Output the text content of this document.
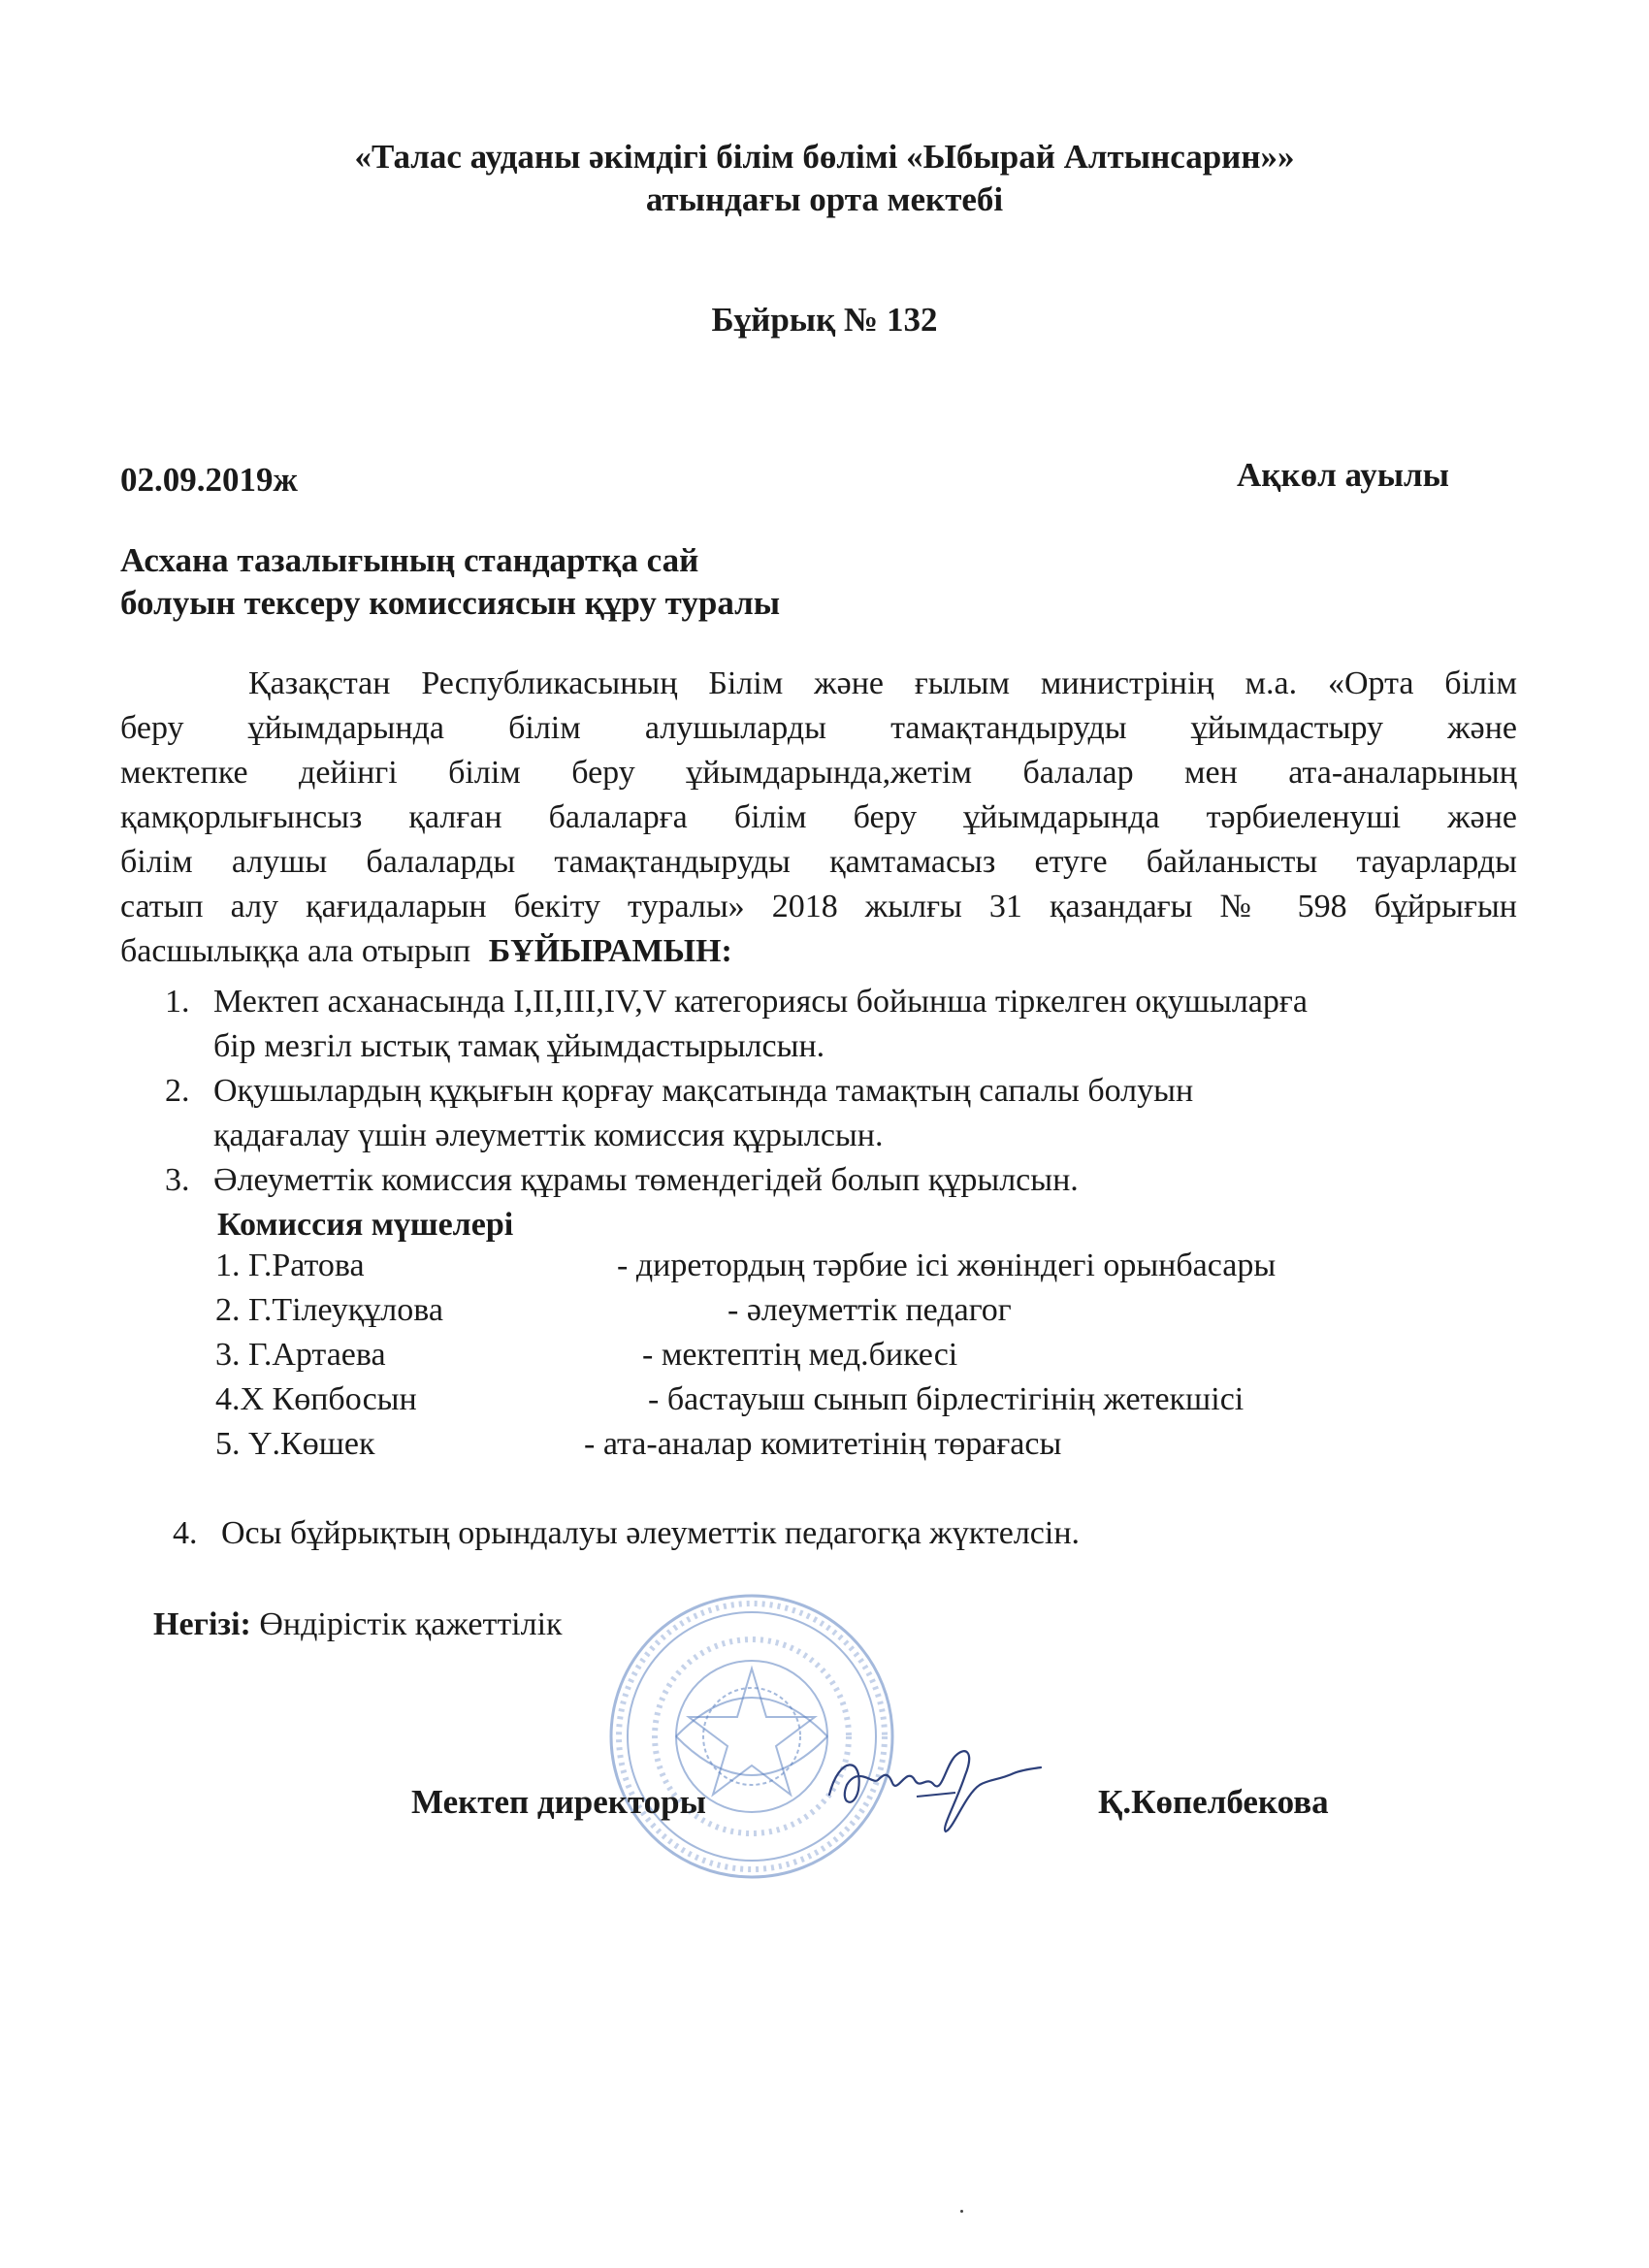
«Талас ауданы әкімдігі білім бөлімі «Ыбырай Алтынсарин»»
атындағы орта мектебі
Бұйрық № 132
02.09.2019ж	Ақкөл ауылы
Асхана тазалығының стандартқа сай
болуын тексеру комиссиясын құру туралы
Қазақстан Республикасының Білім және ғылым министрінің м.а. «Орта білім
беру ұйымдарында білім алушыларды тамақтандыруды ұйымдастыру және
мектепке дейінгі білім беру ұйымдарында,жетім балалар мен ата-аналарының
қамқорлығынсыз қалған балаларға білім беру ұйымдарында тәрбиеленуші және
білім алушы балаларды тамақтандыруды қамтамасыз етуге байланысты тауарларды
сатып алу қағидаларын бекіту туралы» 2018 жылғы 31 қазандағы № 598 бұйрығын
басшылыққа ала отырып БҰЙЫРАМЫН:
1. Мектеп асханасында I,II,III,IV,V категориясы бойынша тіркелген оқушыларға
бір мезгіл ыстық тамақ ұйымдастырылсын.
2. Оқушылардың құқығын қорғау мақсатында тамақтың сапалы болуын
қадағалау үшін әлеуметтік комиссия құрылсын.
3. Әлеуметтік комиссия құрамы төмендегідей болып құрылсын.
Комиссия мүшелері
1. Г.Ратова	- диретордың тәрбие ісі жөніндегі орынбасары
2. Г.Тілеуқұлова	- әлеуметтік педагог
3. Г.Артаева	- мектептің мед.бикесі
4.Х Көпбосын	- бастауыш сынып бірлестігінің жетекшісі
5. Ү.Көшек	- ата-аналар комитетінің төрағасы
4. Осы бұйрықтың орындалуы әлеуметтік педагогқа жүктелсін.
Негізі: Өндірістік қажеттілік
Мектеп директоры	Қ.Көпелбекова
